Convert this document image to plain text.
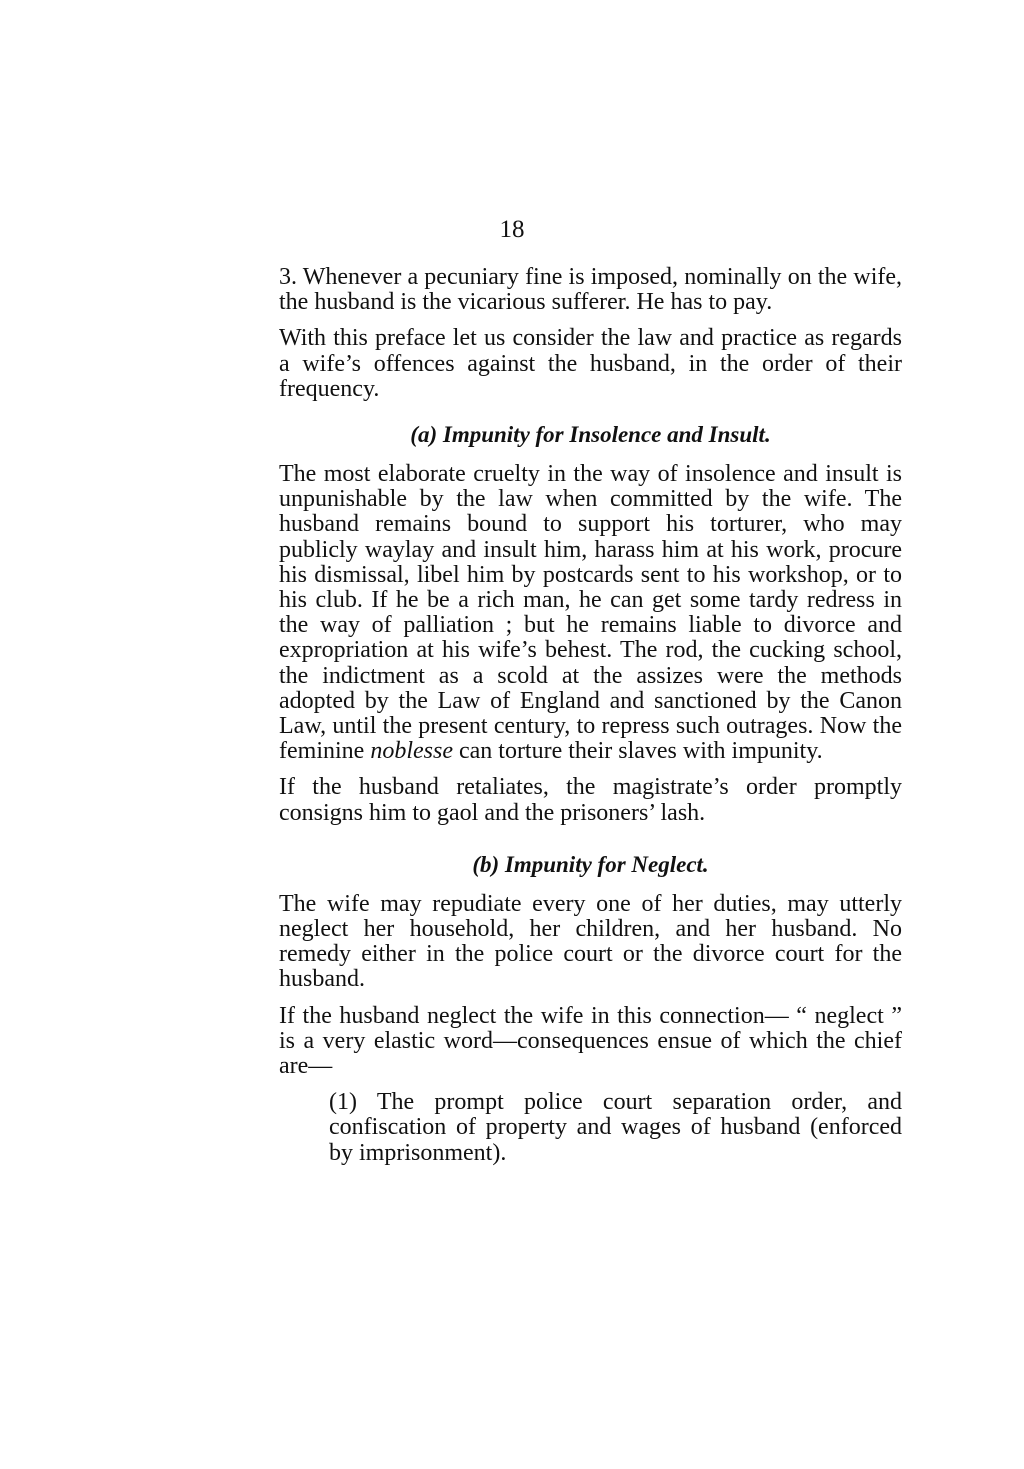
18

3. Whenever a pecuniary fine is imposed, nominally on the wife, the husband is the vicarious sufferer. He has to pay.

With this preface let us consider the law and practice as regards a wife’s offences against the husband, in the order of their frequency.

(a) Impunity for Insolence and Insult.

The most elaborate cruelty in the way of insolence and insult is unpunishable by the law when committed by the wife. The husband remains bound to support his torturer, who may publicly waylay and insult him, harass him at his work, procure his dismissal, libel him by postcards sent to his workshop, or to his club. If he be a rich man, he can get some tardy redress in the way of palliation ; but he remains liable to divorce and expropriation at his wife’s behest. The rod, the cucking school, the indictment as a scold at the assizes were the methods adopted by the Law of England and sanctioned by the Canon Law, until the present century, to repress such outrages. Now the feminine noblesse can torture their slaves with impunity.

If the husband retaliates, the magistrate’s order promptly consigns him to gaol and the prisoners’ lash.

(b) Impunity for Neglect.

The wife may repudiate every one of her duties, may utterly neglect her household, her children, and her husband. No remedy either in the police court or the divorce court for the husband.

If the husband neglect the wife in this connection— “ neglect ” is a very elastic word—consequences ensue of which the chief are—

(1) The prompt police court separation order, and confiscation of property and wages of husband (enforced by imprisonment).
